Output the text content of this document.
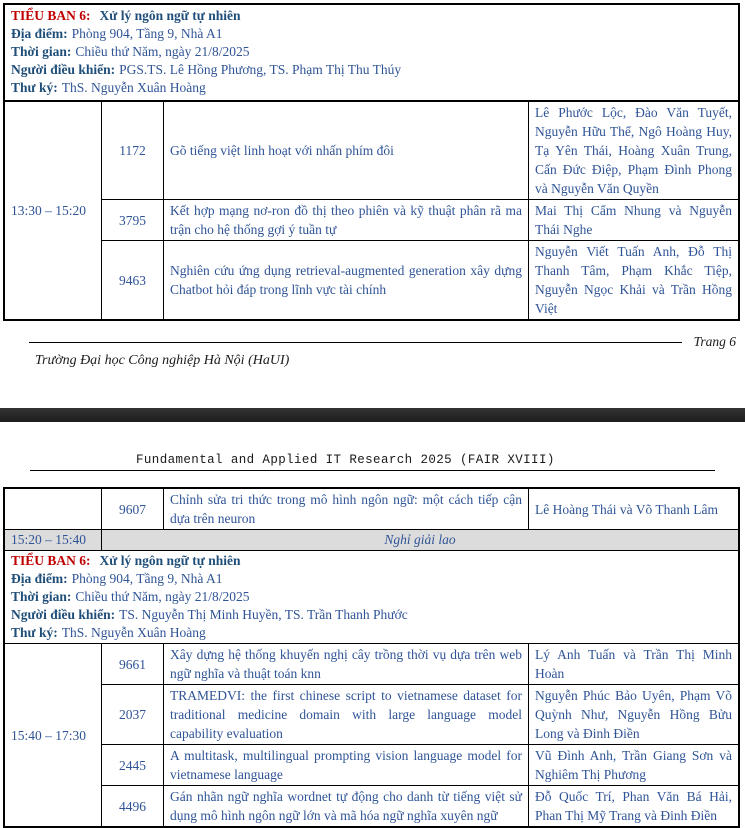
TIỂU BAN 6: Xử lý ngôn ngữ tự nhiên
Địa điểm: Phòng 904, Tầng 9, Nhà A1
Thời gian: Chiều thứ Năm, ngày 21/8/2025
Người điều khiển: PGS.TS. Lê Hồng Phương, TS. Phạm Thị Thu Thúy
Thư ký: ThS. Nguyễn Xuân Hoàng
13:30 – 15:20	1172	Gõ tiếng việt linh hoạt với nhấn phím đôi	Lê Phước Lộc, Đào Văn Tuyết, Nguyễn Hữu Thể, Ngô Hoàng Huy, Tạ Yên Thái, Hoàng Xuân Trung, Cấn Đức Điệp, Phạm Đình Phong và Nguyễn Văn Quyền
	3795	Kết hợp mạng nơ-ron đồ thị theo phiên và kỹ thuật phân rã ma trận cho hệ thống gợi ý tuần tự	Mai Thị Cẩm Nhung và Nguyễn Thái Nghe
	9463	Nghiên cứu ứng dụng retrieval-augmented generation xây dựng Chatbot hỏi đáp trong lĩnh vực tài chính	Nguyễn Viết Tuấn Anh, Đỗ Thị Thanh Tâm, Phạm Khắc Tiệp, Nguyễn Ngọc Khải và Trần Hồng Việt
Trang 6
Trường Đại học Công nghiệp Hà Nội (HaUI)
Fundamental and Applied IT Research 2025 (FAIR XVIII)
	9607	Chỉnh sửa tri thức trong mô hình ngôn ngữ: một cách tiếp cận dựa trên neuron	Lê Hoàng Thái và Võ Thanh Lâm
15:20 – 15:40	Nghỉ giải lao		

TIỂU BAN 6: Xử lý ngôn ngữ tự nhiên
Địa điểm: Phòng 904, Tầng 9, Nhà A1
Thời gian: Chiều thứ Năm, ngày 21/8/2025
Người điều khiển: TS. Nguyễn Thị Minh Huyền, TS. Trần Thanh Phước
Thư ký: ThS. Nguyễn Xuân Hoàng			

15:40 – 17:30	9661	Xây dựng hệ thống khuyến nghị cây trồng thời vụ dựa trên web ngữ nghĩa và thuật toán knn	Lý Anh Tuấn và Trần Thị Minh Hoàn
	2037	TRAMEDVI: the first chinese script to vietnamese dataset for traditional medicine domain with large language model capability evaluation	Nguyễn Phúc Bảo Uyên, Phạm Võ Quỳnh Như, Nguyễn Hồng Bửu Long và Đinh Điền
	2445	A multitask, multilingual prompting vision language model for vietnamese language	Vũ Đình Anh, Trần Giang Sơn và Nghiêm Thị Phương
	4496	Gán nhãn ngữ nghĩa wordnet tự động cho danh từ tiếng việt sử dụng mô hình ngôn ngữ lớn và mã hóa ngữ nghĩa xuyên ngữ	Đỗ Quốc Trí, Phan Văn Bá Hải, Phan Thị Mỹ Trang và Đinh Điền
